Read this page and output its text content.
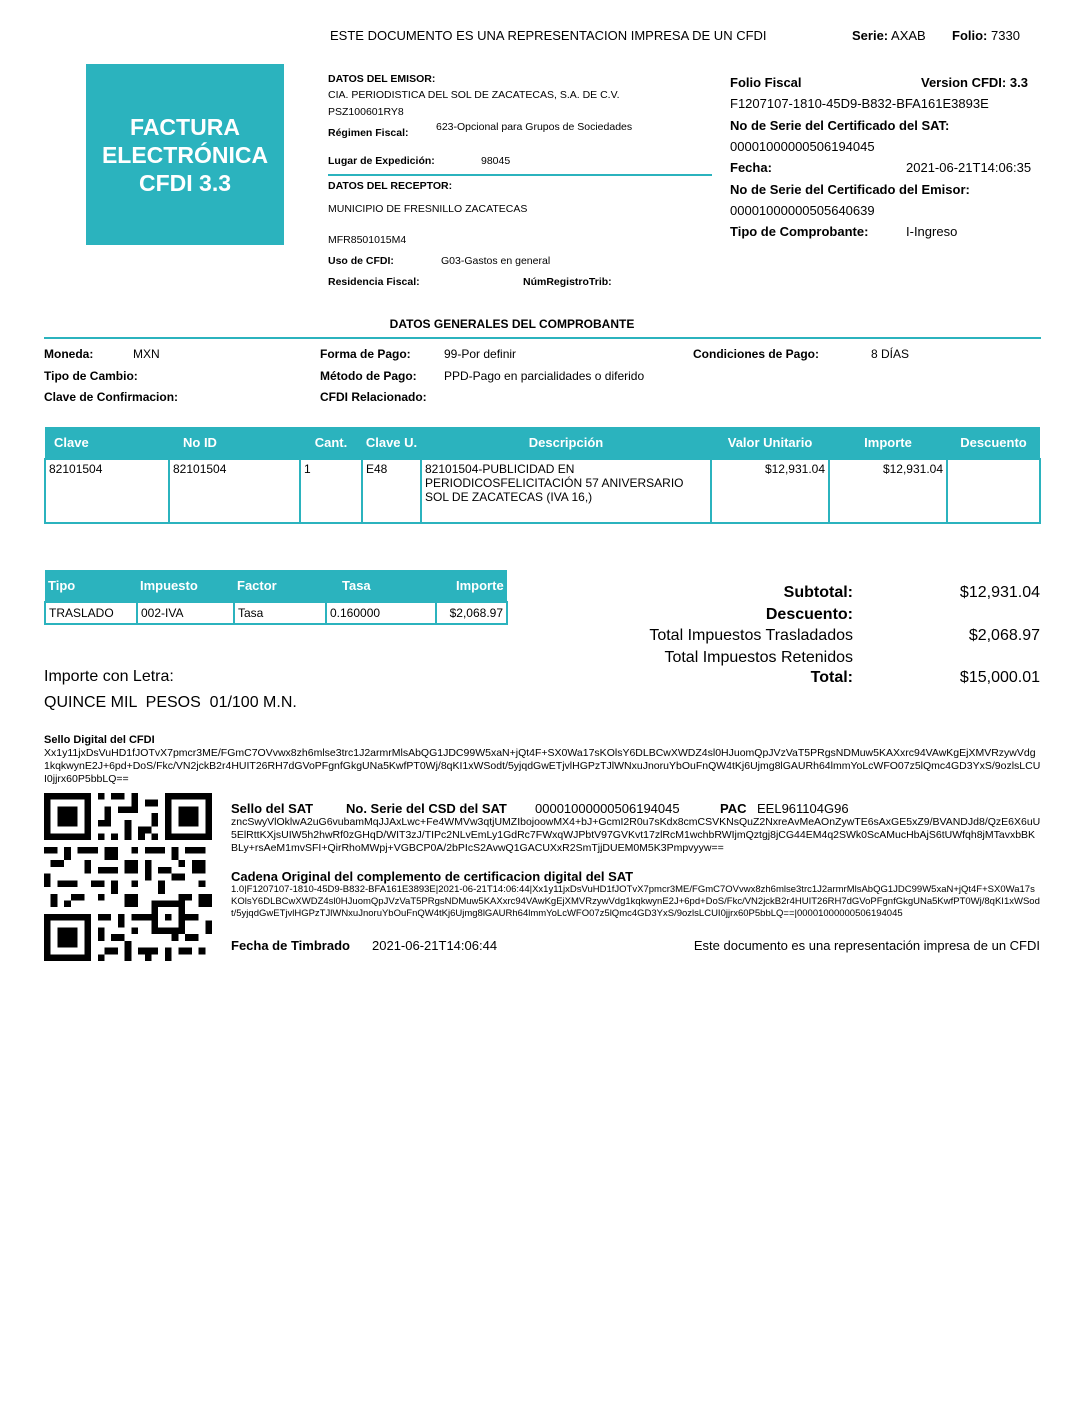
ESTE DOCUMENTO ES UNA REPRESENTACION IMPRESA DE UN CFDI	Serie: AXAB Folio: 7330
FACTURA
ELECTRÓNICA
CFDI 3.3
DATOS DEL EMISOR:
CIA. PERIODISTICA DEL SOL DE ZACATECAS, S.A. DE C.V.
PSZ100601RY8
Régimen Fiscal:	623-Opcional para Grupos de Sociedades
Lugar de Expedición:	98045
DATOS DEL RECEPTOR:
MUNICIPIO DE FRESNILLO ZACATECAS
MFR8501015M4
Uso de CFDI:	G03-Gastos en general
Residencia Fiscal:	NúmRegistroTrib:
Folio Fiscal	Version CFDI: 3.3
F1207107-1810-45D9-B832-BFA161E3893E
No de Serie del Certificado del SAT:
00001000000506194045
Fecha:	2021-06-21T14:06:35
No de Serie del Certificado del Emisor:
00001000000505640639
Tipo de Comprobante:	I-Ingreso
DATOS GENERALES DEL COMPROBANTE
Moneda:	MXN
Tipo de Cambio:
Clave de Confirmacion:
Forma de Pago:	99-Por definir
Método de Pago: PPD-Pago en parcialidades o diferido
CFDI Relacionado:
Condiciones de Pago:	8 DÍAS
Clave	No ID	Cant.	Clave U.	Descripción	Valor Unitario	Importe	Descuento
82101504	82101504	1	E48	82101504-PUBLICIDAD EN PERIODICOSFELICITACIÓN 57 ANIVERSARIO SOL DE ZACATECAS (IVA 16,)	$12,931.04	$12,931.04	
Tipo	Impuesto	Factor	Tasa	Importe
TRASLADO	002-IVA	Tasa	0.160000	$2,068.97
Subtotal:	$12,931.04
Descuento:
Total Impuestos Trasladados	$2,068.97
Total Impuestos Retenidos
Total:	$15,000.01
Importe con Letra:
QUINCE MIL  PESOS  01/100 M.N.
Sello Digital del CFDI
Xx1y11jxDsVuHD1fJOTvX7pmcr3ME/FGmC7OVvwx8zh6mlse3trc1J2armrMlsAbQG1JDC99W5xaN+jQt4F+SX0Wa17sKOlsY6DLBCwXWDZ4sl0HJuomQpJVzVaT5PRgsNDMuw5KAXxrc94VAwKgEjXMVRzywVdg1kqkwynE2J+6pd+DoS/Fkc/VN2jckB2r4HUIT26RH7dGVoPFgnfGkgUNa5KwfPT0Wj/8qKI1xWSodt/5yjqdGwETjvlHGPzTJlWNxuJnoruYbOuFnQW4tKj6Ujmg8lGAURh64lmmYoLcWFO07z5lQmc4GD3YxS/9ozlsLCUI0jjrx60P5bbLQ==
Sello del SAT	No. Serie del CSD del SAT 00001000000506194045	PAC EEL961104G96
zncSwyVlOklwA2uG6vubamMqJJAxLwc+Fe4WMVw3qtjUMZIbojoowMX4+bJ+GcmI2R0u7sKdx8cmCSVKNsQuZ2NxreAvMeAOnZywTE6sAxGE5xZ9/BVANDJd8/QzE6X6uU5ElRttKXjsUIW5h2hwRf0zGHqD/WIT3zJ/TIPc2NLvEmLy1GdRc7FWxqWJPbtV97GVKvt17zlRcM1wchbRWIjmQztgj8jCG44EM4q2SWk0ScAMucHbAjS6tUWfqh8jMTavxbBKBLy+rsAeM1mvSFI+QirRhoMWpj+VGBCP0A/2bPIcS2AvwQ1GACUXxR2SmTjjDUEM0M5K3Pmpvyyw==
Cadena Original del complemento de certificacion digital del SAT
1.0|F1207107-1810-45D9-B832-BFA161E3893E|2021-06-21T14:06:44|Xx1y11jxDsVuHD1fJOTvX7pmcr3ME/FGmC7OVvwx8zh6mlse3trc1J2armrMlsAbQG1JDC99W5xaN+jQt4F+SX0Wa17sKOlsY6DLBCwXWDZ4sl0HJuomQpJVzVaT5PRgsNDMuw5KAXxrc94VAwKgEjXMVRzywVdg1kqkwynE2J+6pd+DoS/Fkc/VN2jckB2r4HUIT26RH7dGVoPFgnfGkgUNa5KwfPT0Wj/8qKI1xWSodt/5yjqdGwETjvlHGPzTJlWNxuJnoruYbOuFnQW4tKj6Ujmg8lGAURh64lmmYoLcWFO07z5lQmc4GD3YxS/9ozlsLCUI0jjrx60P5bbLQ==|00001000000506194045
Fecha de Timbrado 2021-06-21T14:06:44	Este documento es una representación impresa de un CFDI
